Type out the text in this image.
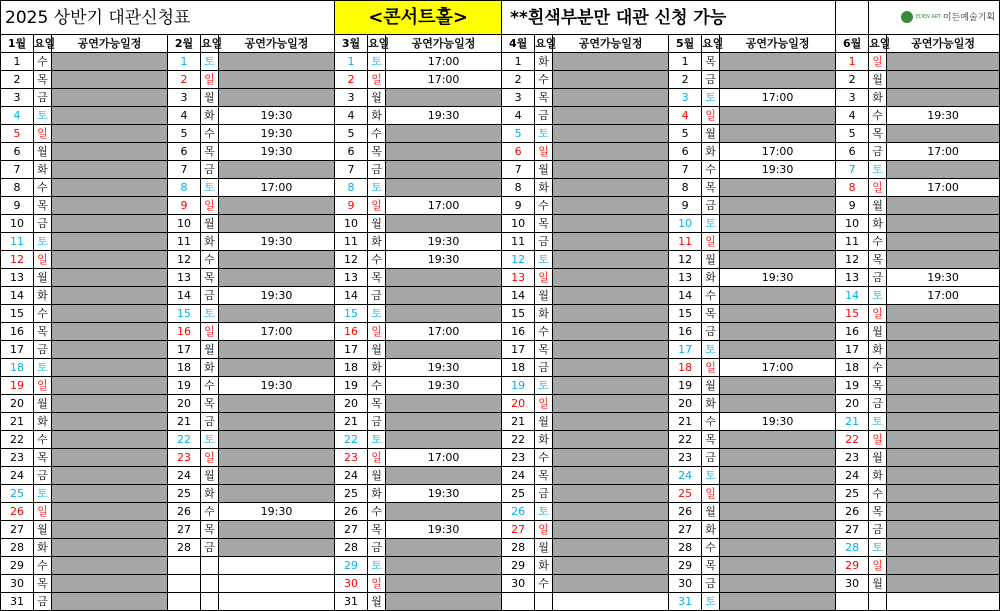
2025 상반기 대관신청표						<콘서트홀>			**흰색부분만 대관 신청 가능							EDEN ART 이든예술기획	
1월	요일	공연가능일정	2월	요일	공연가능일정	3월	요일	공연가능일정	4월	요일	공연가능일정	5월	요일	공연가능일정	6월	요일	공연가능일정
1	수		1	토		1	토	17:00	1	화		1	목		1	일	
2	목		2	일		2	일	17:00	2	수		2	금		2	월	
3	금		3	월		3	월		3	목		3	토	17:00	3	화	
4	토		4	화	19:30	4	화	19:30	4	금		4	일		4	수	19:30
5	일		5	수	19:30	5	수		5	토		5	월		5	목	
6	월		6	목	19:30	6	목		6	일		6	화	17:00	6	금	17:00
7	화		7	금		7	금		7	월		7	수	19:30	7	토	
8	수		8	토	17:00	8	토		8	화		8	목		8	일	17:00
9	목		9	일		9	일	17:00	9	수		9	금		9	월	
10	금		10	월		10	월		10	목		10	토		10	화	
11	토		11	화	19:30	11	화	19:30	11	금		11	일		11	수	
12	일		12	수		12	수	19:30	12	토		12	월		12	목	
13	월		13	목		13	목		13	일		13	화	19:30	13	금	19:30
14	화		14	금	19:30	14	금		14	월		14	수		14	토	17:00
15	수		15	토		15	토		15	화		15	목		15	일	
16	목		16	일	17:00	16	일	17:00	16	수		16	금		16	월	
17	금		17	월		17	월		17	목		17	토		17	화	
18	토		18	화		18	화	19:30	18	금		18	일	17:00	18	수	
19	일		19	수	19:30	19	수	19:30	19	토		19	월		19	목	
20	월		20	목		20	목		20	일		20	화		20	금	
21	화		21	금		21	금		21	월		21	수	19:30	21	토	
22	수		22	토		22	토		22	화		22	목		22	일	
23	목		23	일		23	일	17:00	23	수		23	금		23	월	
24	금		24	월		24	월		24	목		24	토		24	화	
25	토		25	화		25	화	19:30	25	금		25	일		25	수	
26	일		26	수	19:30	26	수		26	토		26	월		26	목	
27	월		27	목		27	목	19:30	27	일		27	화		27	금	
28	화		28	금		28	금		28	월		28	수		28	토	
29	수					29	토		29	화		29	목		29	일	
30	목					30	일		30	수		30	금		30	월	
31	금					31	월					31	토				
